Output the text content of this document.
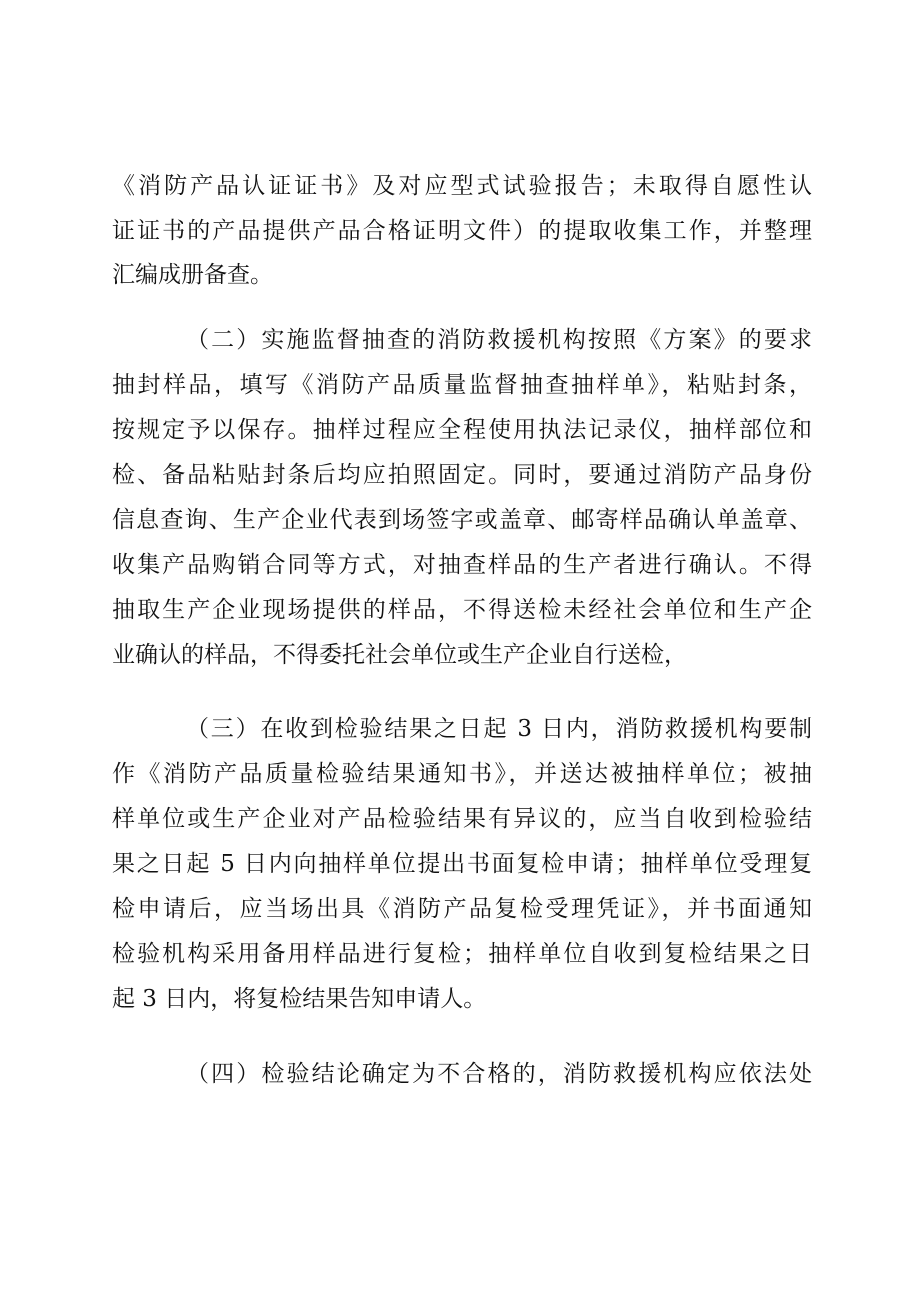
《消防产品认证证书》及对应型式试验报告；未取得自愿性认
证证书的产品提供产品合格证明文件）的提取收集工作，并整理
汇编成册备查。
（二）实施监督抽查的消防救援机构按照《方案》的要求
抽封样品，填写《消防产品质量监督抽查抽样单》，粘贴封条，
按规定予以保存。抽样过程应全程使用执法记录仪，抽样部位和
检、备品粘贴封条后均应拍照固定。同时，要通过消防产品身份
信息查询、生产企业代表到场签字或盖章、邮寄样品确认单盖章、
收集产品购销合同等方式，对抽查样品的生产者进行确认。不得
抽取生产企业现场提供的样品，不得送检未经社会单位和生产企
业确认的样品，不得委托社会单位或生产企业自行送检，
（三）在收到检验结果之日起 3 日内，消防救援机构要制
作《消防产品质量检验结果通知书》，并送达被抽样单位；被抽
样单位或生产企业对产品检验结果有异议的，应当自收到检验结
果之日起 5 日内向抽样单位提出书面复检申请；抽样单位受理复
检申请后，应当场出具《消防产品复检受理凭证》，并书面通知
检验机构采用备用样品进行复检；抽样单位自收到复检结果之日
起 3 日内，将复检结果告知申请人。
（四）检验结论确定为不合格的，消防救援机构应依法处
